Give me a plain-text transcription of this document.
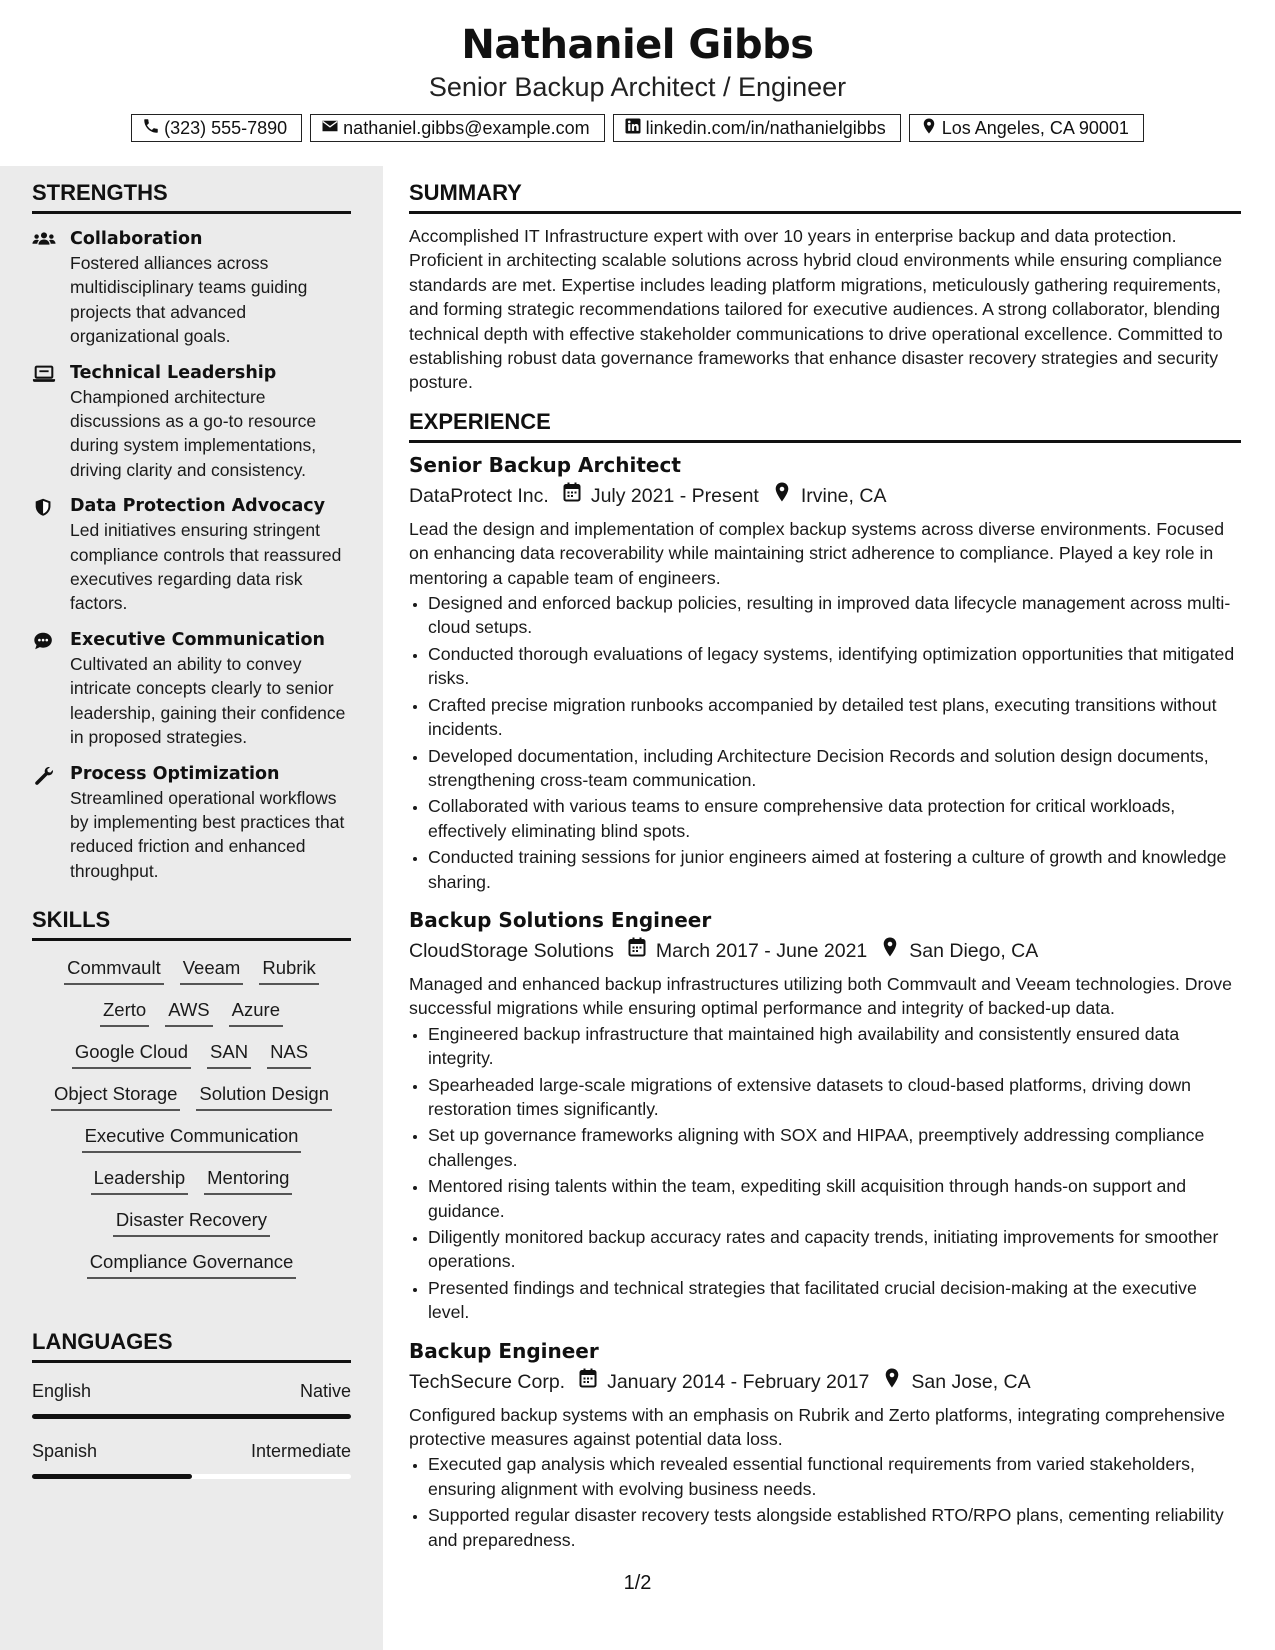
Nathaniel Gibbs
Senior Backup Architect / Engineer
(323) 555-7890	nathaniel.gibbs@example.com	linkedin.com/in/nathanielgibbs	Los Angeles, CA 90001
STRENGTHS
Collaboration
Fostered alliances across multidisciplinary teams guiding projects that advanced organizational goals.
Technical Leadership
Championed architecture discussions as a go-to resource during system implementations, driving clarity and consistency.
Data Protection Advocacy
Led initiatives ensuring stringent compliance controls that reassured executives regarding data risk factors.
Executive Communication
Cultivated an ability to convey intricate concepts clearly to senior leadership, gaining their confidence in proposed strategies.
Process Optimization
Streamlined operational workflows by implementing best practices that reduced friction and enhanced throughput.
SKILLS
Commvault Veeam Rubrik
Zerto AWS Azure
Google Cloud SAN NAS
Object Storage Solution Design
Executive Communication
Leadership Mentoring
Disaster Recovery
Compliance Governance
LANGUAGES
English	Native
Spanish	Intermediate
SUMMARY

Accomplished IT Infrastructure expert with over 10 years in enterprise backup and data protection. Proficient in architecting scalable solutions across hybrid cloud environments while ensuring compliance standards are met. Expertise includes leading platform migrations, meticulously gathering requirements, and forming strategic recommendations tailored for executive audiences. A strong collaborator, blending technical depth with effective stakeholder communications to drive operational excellence. Committed to establishing robust data governance frameworks that enhance disaster recovery strategies and security posture.

EXPERIENCE
Senior Backup Architect
DataProtect Inc. July 2021 - Present Irvine, CA
Lead the design and implementation of complex backup systems across diverse environments. Focused on enhancing data recoverability while maintaining strict adherence to compliance. Played a key role in mentoring a capable team of engineers.
• Designed and enforced backup policies, resulting in improved data lifecycle management across multi-cloud setups.
• Conducted thorough evaluations of legacy systems, identifying optimization opportunities that mitigated risks.
• Crafted precise migration runbooks accompanied by detailed test plans, executing transitions without incidents.
• Developed documentation, including Architecture Decision Records and solution design documents, strengthening cross-team communication.
• Collaborated with various teams to ensure comprehensive data protection for critical workloads, effectively eliminating blind spots.
• Conducted training sessions for junior engineers aimed at fostering a culture of growth and knowledge sharing.
Backup Solutions Engineer
CloudStorage Solutions March 2017 - June 2021 San Diego, CA
Managed and enhanced backup infrastructures utilizing both Commvault and Veeam technologies. Drove successful migrations while ensuring optimal performance and integrity of backed-up data.
• Engineered backup infrastructure that maintained high availability and consistently ensured data integrity.
• Spearheaded large-scale migrations of extensive datasets to cloud-based platforms, driving down restoration times significantly.
• Set up governance frameworks aligning with SOX and HIPAA, preemptively addressing compliance challenges.
• Mentored rising talents within the team, expediting skill acquisition through hands-on support and guidance.
• Diligently monitored backup accuracy rates and capacity trends, initiating improvements for smoother operations.
• Presented findings and technical strategies that facilitated crucial decision-making at the executive level.
Backup Engineer
TechSecure Corp. January 2014 - February 2017 San Jose, CA
Configured backup systems with an emphasis on Rubrik and Zerto platforms, integrating comprehensive protective measures against potential data loss.
• Executed gap analysis which revealed essential functional requirements from varied stakeholders, ensuring alignment with evolving business needs.
• Supported regular disaster recovery tests alongside established RTO/RPO plans, cementing reliability and preparedness.
1/2
